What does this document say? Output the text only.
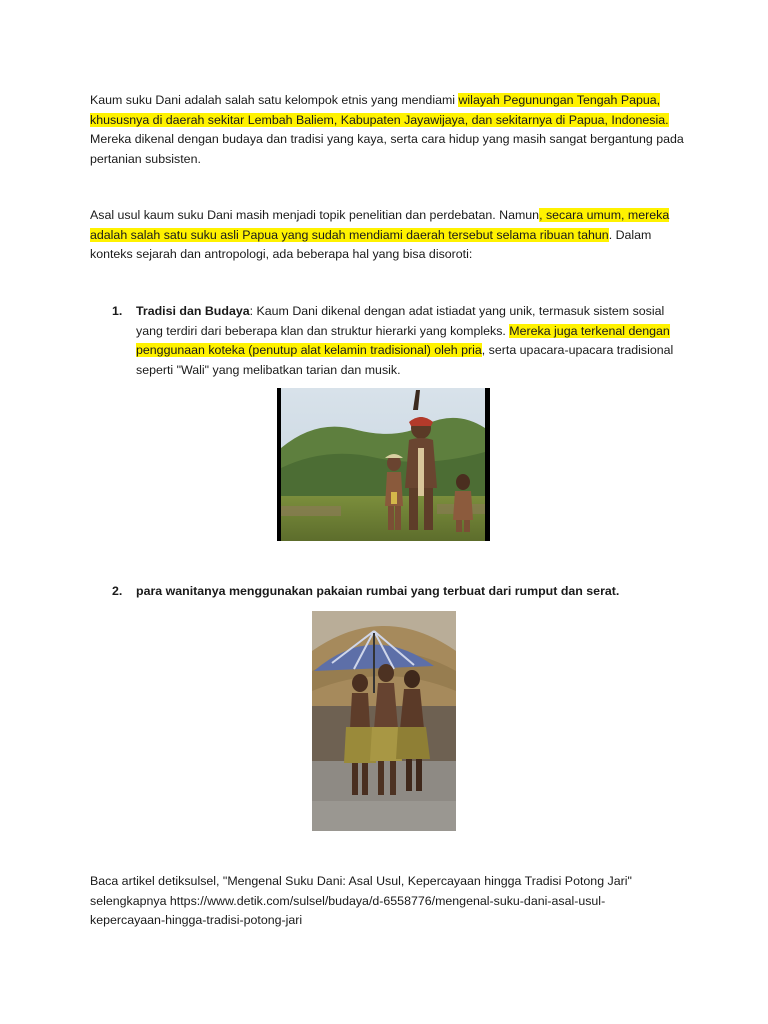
Kaum suku Dani adalah salah satu kelompok etnis yang mendiami wilayah Pegunungan Tengah Papua, khususnya di daerah sekitar Lembah Baliem, Kabupaten Jayawijaya, dan sekitarnya di Papua, Indonesia. Mereka dikenal dengan budaya dan tradisi yang kaya, serta cara hidup yang masih sangat bergantung pada pertanian subsisten.

Asal usul kaum suku Dani masih menjadi topik penelitian dan perdebatan. Namun, secara umum, mereka adalah salah satu suku asli Papua yang sudah mendiami daerah tersebut selama ribuan tahun. Dalam konteks sejarah dan antropologi, ada beberapa hal yang bisa disoroti:

1. Tradisi dan Budaya: Kaum Dani dikenal dengan adat istiadat yang unik, termasuk sistem sosial yang terdiri dari beberapa klan dan struktur hierarki yang kompleks. Mereka juga terkenal dengan penggunaan koteka (penutup alat kelamin tradisional) oleh pria, serta upacara-upacara tradisional seperti "Wali" yang melibatkan tarian dan musik.

2. para wanitanya menggunakan pakaian rumbai yang terbuat dari rumput dan serat.

Baca artikel detiksulsel, "Mengenal Suku Dani: Asal Usul, Kepercayaan hingga Tradisi Potong Jari"
selengkapnya https://www.detik.com/sulsel/budaya/d-6558776/mengenal-suku-dani-asal-usul-
kepercayaan-hingga-tradisi-potong-jari
